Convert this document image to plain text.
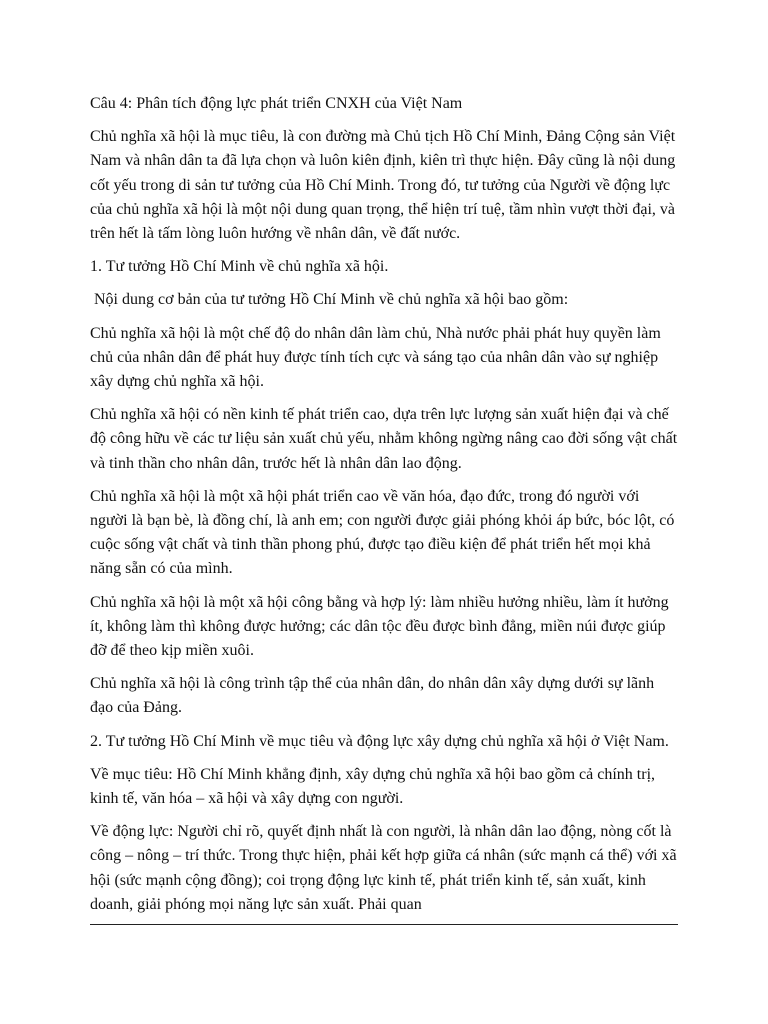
Câu 4: Phân tích động lực phát triển CNXH của Việt Nam

Chủ nghĩa xã hội là mục tiêu, là con đường mà Chủ tịch Hồ Chí Minh, Đảng Cộng sản Việt Nam và nhân dân ta đã lựa chọn và luôn kiên định, kiên trì thực hiện. Đây cũng là nội dung cốt yếu trong di sản tư tưởng của Hồ Chí Minh. Trong đó, tư tưởng của Người về động lực của chủ nghĩa xã hội là một nội dung quan trọng, thể hiện trí tuệ, tầm nhìn vượt thời đại, và trên hết là tấm lòng luôn hướng về nhân dân, về đất nước.

1. Tư tưởng Hồ Chí Minh về chủ nghĩa xã hội.

Nội dung cơ bản của tư tưởng Hồ Chí Minh về chủ nghĩa xã hội bao gồm:

Chủ nghĩa xã hội là một chế độ do nhân dân làm chủ, Nhà nước phải phát huy quyền làm chủ của nhân dân để phát huy được tính tích cực và sáng tạo của nhân dân vào sự nghiệp xây dựng chủ nghĩa xã hội.

Chủ nghĩa xã hội có nền kinh tế phát triển cao, dựa trên lực lượng sản xuất hiện đại và chế độ công hữu về các tư liệu sản xuất chủ yếu, nhằm không ngừng nâng cao đời sống vật chất và tinh thần cho nhân dân, trước hết là nhân dân lao động.

Chủ nghĩa xã hội là một xã hội phát triển cao về văn hóa, đạo đức, trong đó người với người là bạn bè, là đồng chí, là anh em; con người được giải phóng khỏi áp bức, bóc lột, có cuộc sống vật chất và tinh thần phong phú, được tạo điều kiện để phát triển hết mọi khả năng sẵn có của mình.

Chủ nghĩa xã hội là một xã hội công bằng và hợp lý: làm nhiều hưởng nhiều, làm ít hưởng ít, không làm thì không được hưởng; các dân tộc đều được bình đẳng, miền núi được giúp đỡ để theo kịp miền xuôi.

Chủ nghĩa xã hội là công trình tập thể của nhân dân, do nhân dân xây dựng dưới sự lãnh đạo của Đảng.

2. Tư tưởng Hồ Chí Minh về mục tiêu và động lực xây dựng chủ nghĩa xã hội ở Việt Nam.

Về mục tiêu: Hồ Chí Minh khẳng định, xây dựng chủ nghĩa xã hội bao gồm cả chính trị, kinh tế, văn hóa – xã hội và xây dựng con người.

Về động lực: Người chỉ rõ, quyết định nhất là con người, là nhân dân lao động, nòng cốt là công – nông – trí thức. Trong thực hiện, phải kết hợp giữa cá nhân (sức mạnh cá thể) với xã hội (sức mạnh cộng đồng); coi trọng động lực kinh tế, phát triển kinh tế, sản xuất, kinh doanh, giải phóng mọi năng lực sản xuất. Phải quan
